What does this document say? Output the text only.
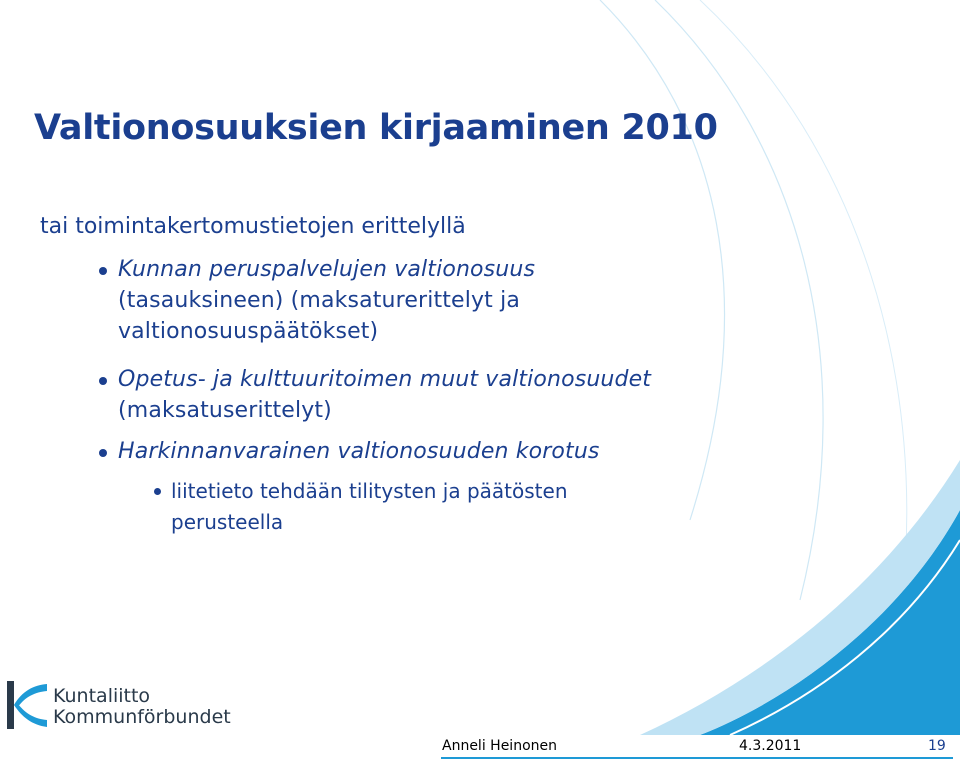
Valtionosuuksien kirjaaminen 2010
tai toimintakertomustietojen erittelyllä
Kunnan peruspalvelujen valtionosuus (tasauksineen) (maksaturerittelyt ja valtionosuuspäätökset)
Opetus- ja kulttuuritoimen muut valtionosuudet (maksatuserittelyt)
Harkinnanvarainen valtionosuuden korotus
liitetieto tehdään tilitysten ja päätösten perusteella
Kuntaliitto
Kommunförbundet
Anneli Heinonen	4.3.2011	19
